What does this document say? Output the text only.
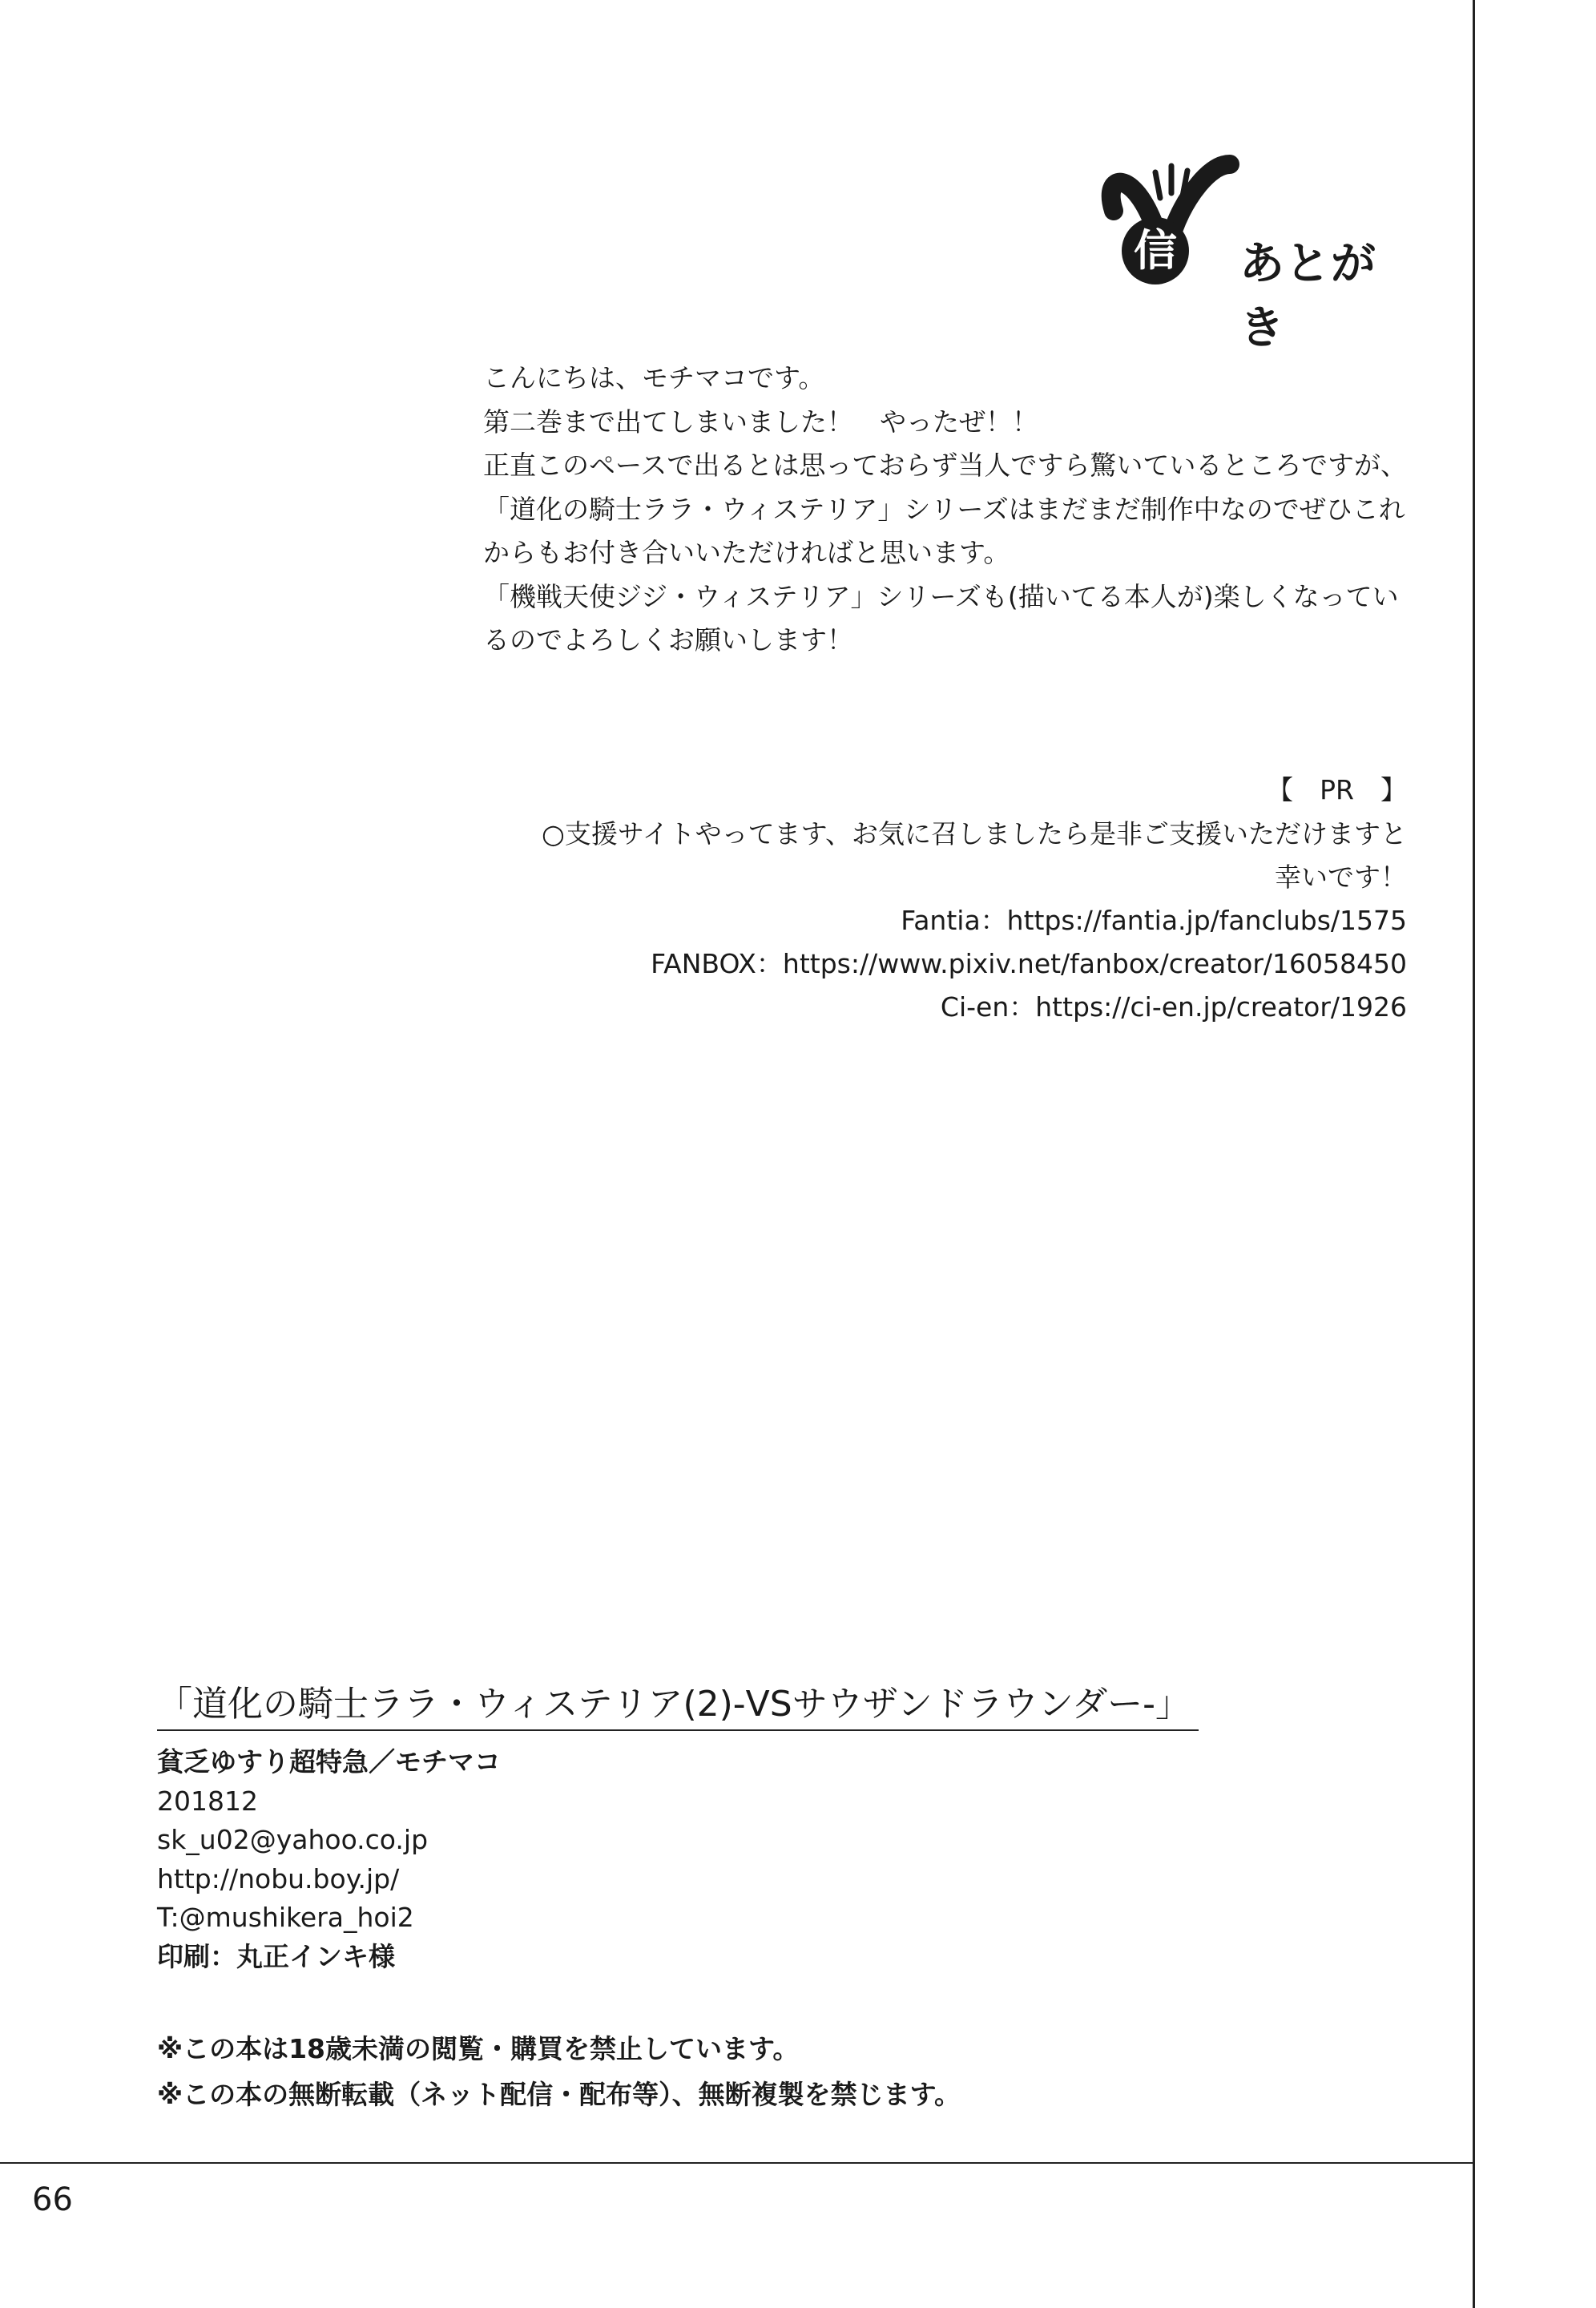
信 あとがき

こんにちは、モチマコです。

第二巻まで出てしまいました！　やったぜ！！

正直このペースで出るとは思っておらず当人ですら驚いているところですが、

「道化の騎士ララ・ウィステリア」シリーズはまだまだ制作中なのでぜひこれ

からもお付き合いいただければと思います。

「機戦天使ジジ・ウィステリア」シリーズも(描いてる本人が)楽しくなってい

るのでよろしくお願いします！

【　PR　】
○支援サイトやってます、お気に召しましたら是非ご支援いただけますと
幸いです！
Fantia：https://fantia.jp/fanclubs/1575
FANBOX：https://www.pixiv.net/fanbox/creator/16058450
Ci-en：https://ci-en.jp/creator/1926
「道化の騎士ララ・ウィステリア(2)-VSサウザンドラウンダー-」
貧乏ゆすり超特急／モチマコ
201812
sk_u02@yahoo.co.jp
http://nobu.boy.jp/
T:@mushikera_hoi2
印刷：丸正インキ様
※この本は18歳未満の閲覧・購買を禁止しています。
※この本の無断転載（ネット配信・配布等）、無断複製を禁じます。
66
